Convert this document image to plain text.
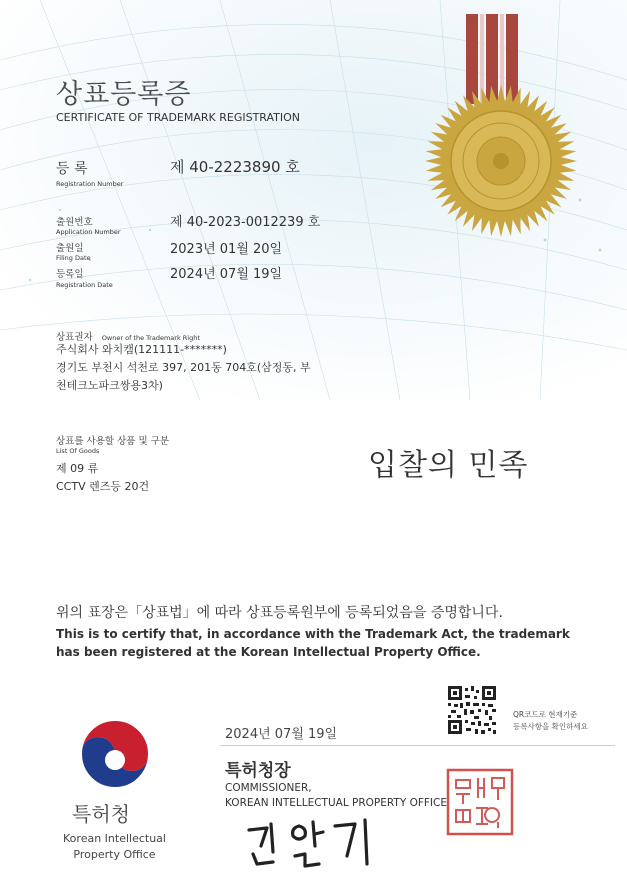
상표등록증
CERTIFICATE OF TRADEMARK REGISTRATION
등 록
Registration Number
제 40-2223890 호
출원번호
Application Number
제 40-2023-0012239 호
출원일
Filing Date
2023년 01월 20일
등록일
Registration Date
2024년 07월 19일
상표권자 Owner of the Trademark Right
주식회사 와치캠(121111-*******)
경기도 부천시 석천로 397, 201동 704호(삼정동, 부
천테크노파크쌍용3차)
상표를 사용할 상품 및 구분
List Of Goods
제 09 류
CCTV 렌즈등 20건
입찰의 민족
위의 표장은「상표법」에 따라 상표등록원부에 등록되었음을 증명합니다.
This is to certify that, in accordance with the Trademark Act, the trademark
has been registered at the Korean Intellectual Property Office.
QR코드로 현재기준
등록사항을 확인하세요
2024년 07월 19일
특허청장
COMMISSIONER,
KOREAN INTELLECTUAL PROPERTY OFFICE
특허청
Korean Intellectual
Property Office
